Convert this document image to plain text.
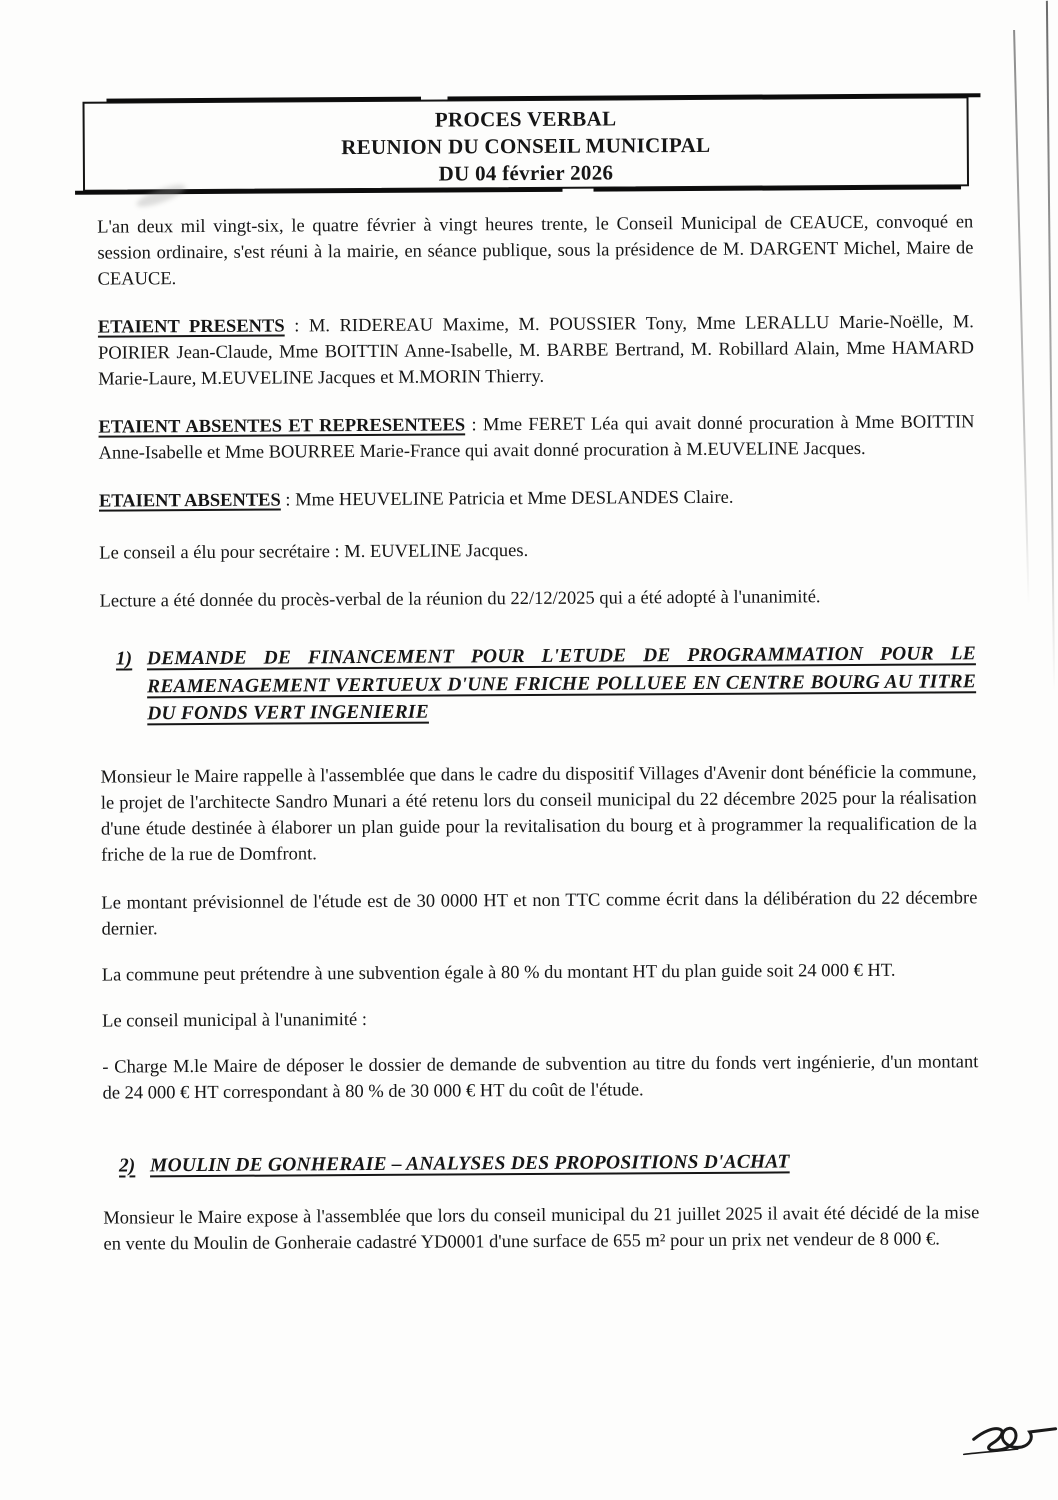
PROCES VERBAL
REUNION DU CONSEIL MUNICIPAL
DU 04 février 2026

L'an deux mil vingt-six, le quatre février à vingt heures trente, le Conseil Municipal de CEAUCE, convoqué en session ordinaire, s'est réuni à la mairie, en séance publique, sous la présidence de M. DARGENT Michel, Maire de CEAUCE.

ETAIENT PRESENTS : M. RIDEREAU Maxime, M. POUSSIER Tony, Mme LERALLU Marie-Noëlle, M. POIRIER Jean-Claude, Mme BOITTIN Anne-Isabelle, M. BARBE Bertrand, M. Robillard Alain, Mme HAMARD Marie-Laure, M.EUVELINE Jacques et M.MORIN Thierry.

ETAIENT ABSENTES ET REPRESENTEES : Mme FERET Léa qui avait donné procuration à Mme BOITTIN Anne-Isabelle et Mme BOURREE Marie-France qui avait donné procuration à M.EUVELINE Jacques.

ETAIENT ABSENTES : Mme HEUVELINE Patricia et Mme DESLANDES Claire.

Le conseil a élu pour secrétaire : M. EUVELINE Jacques.

Lecture a été donnée du procès-verbal de la réunion du 22/12/2025 qui a été adopté à l'unanimité.

1) DEMANDE DE FINANCEMENT POUR L'ETUDE DE PROGRAMMATION POUR LE REAMENAGEMENT VERTUEUX D'UNE FRICHE POLLUEE EN CENTRE BOURG AU TITRE DU FONDS VERT INGENIERIE

Monsieur le Maire rappelle à l'assemblée que dans le cadre du dispositif Villages d'Avenir dont bénéficie la commune, le projet de l'architecte Sandro Munari a été retenu lors du conseil municipal du 22 décembre 2025 pour la réalisation d'une étude destinée à élaborer un plan guide pour la revitalisation du bourg et à programmer la requalification de la friche de la rue de Domfront.

Le montant prévisionnel de l'étude est de 30 0000 HT et non TTC comme écrit dans la délibération du 22 décembre dernier.

La commune peut prétendre à une subvention égale à 80 % du montant HT du plan guide soit 24 000 € HT.

Le conseil municipal à l'unanimité :

- Charge M.le Maire de déposer le dossier de demande de subvention au titre du fonds vert ingénierie, d'un montant de 24 000 € HT correspondant à 80 % de 30 000 € HT du coût de l'étude.

2) MOULIN DE GONHERAIE – ANALYSES DES PROPOSITIONS D'ACHAT

Monsieur le Maire expose à l'assemblée que lors du conseil municipal du 21 juillet 2025 il avait été décidé de la mise en vente du Moulin de Gonheraie cadastré YD0001 d'une surface de 655 m² pour un prix net vendeur de 8 000 €.
